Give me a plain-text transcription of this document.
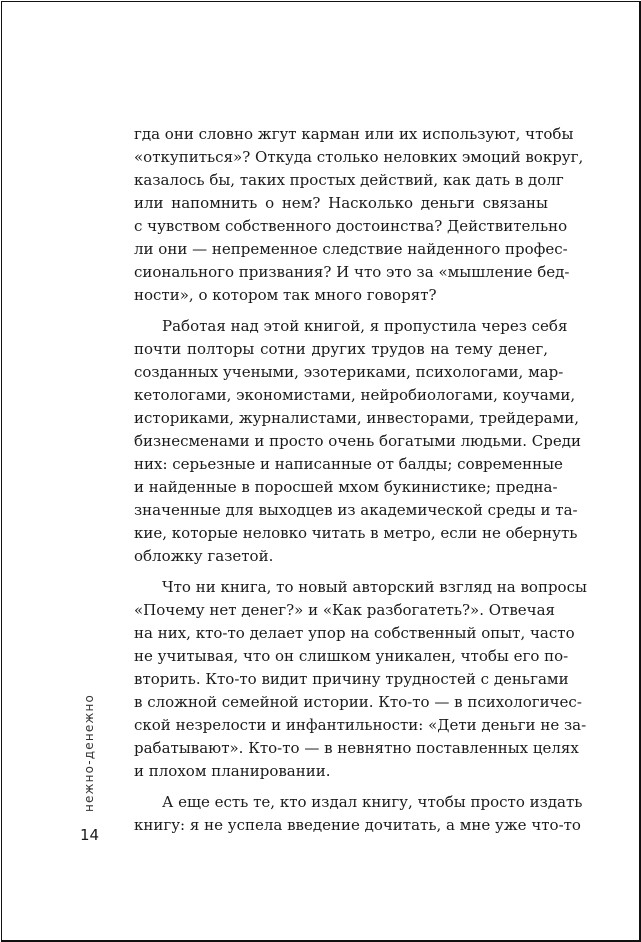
гда они словно жгут карман или их используют, чтобы
«откупиться»? Откуда столько неловких эмоций вокруг,
казалось бы, таких простых действий, как дать в долг
или напомнить о нем? Насколько деньги связаны
с чувством собственного достоинства? Действительно
ли они — непременное следствие найденного профес-
сионального призвания? И что это за «мышление бед-
ности», о котором так много говорят?

Работая над этой книгой, я пропустила через себя
почти полторы сотни других трудов на тему денег,
созданных учеными, эзотериками, психологами, мар-
кетологами, экономистами, нейробиологами, коучами,
историками, журналистами, инвесторами, трейдерами,
бизнесменами и просто очень богатыми людьми. Среди
них: серьезные и написанные от балды; современные
и найденные в поросшей мхом букинистике; предна-
значенные для выходцев из академической среды и та-
кие, которые неловко читать в метро, если не обернуть
обложку газетой.

Что ни книга, то новый авторский взгляд на вопросы
«Почему нет денег?» и «Как разбогатеть?». Отвечая
на них, кто-то делает упор на собственный опыт, часто
не учитывая, что он слишком уникален, чтобы его по-
вторить. Кто-то видит причину трудностей с деньгами
в сложной семейной истории. Кто-то — в психологичес-
ской незрелости и инфантильности: «Дети деньги не за-
рабатывают». Кто-то — в невнятно поставленных целях
и плохом планировании.

А еще есть те, кто издал книгу, чтобы просто издать
книгу: я не успела введение дочитать, а мне уже что-то

нежно-денежно
14
